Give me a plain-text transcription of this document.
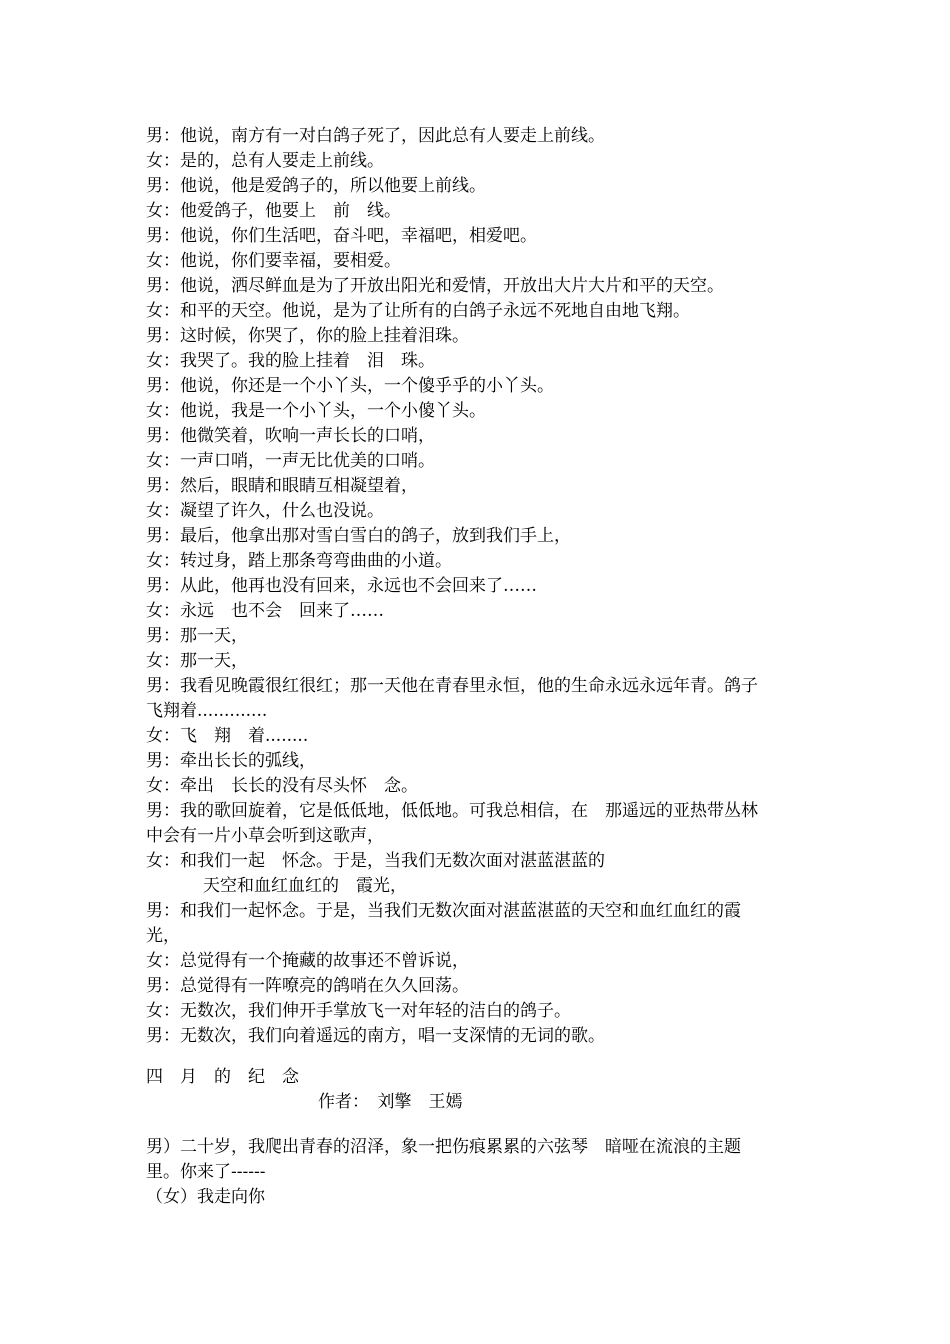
男：他说，南方有一对白鸽子死了，因此总有人要走上前线。
女：是的，总有人要走上前线。
男：他说，他是爱鸽子的，所以他要上前线。
女：他爱鸽子，他要上　前　线。
男：他说，你们生活吧，奋斗吧，幸福吧，相爱吧。
女：他说，你们要幸福，要相爱。
男：他说，洒尽鲜血是为了开放出阳光和爱情，开放出大片大片和平的天空。
女：和平的天空。他说，是为了让所有的白鸽子永远不死地自由地飞翔。
男：这时候，你哭了，你的脸上挂着泪珠。
女：我哭了。我的脸上挂着　泪　珠。
男：他说，你还是一个小丫头，一个傻乎乎的小丫头。
女：他说，我是一个小丫头，一个小傻丫头。
男：他微笑着，吹响一声长长的口哨，
女：一声口哨，一声无比优美的口哨。
男：然后，眼睛和眼睛互相凝望着，
女：凝望了许久，什么也没说。
男：最后，他拿出那对雪白雪白的鸽子，放到我们手上，
女：转过身，踏上那条弯弯曲曲的小道。
男：从此，他再也没有回来，永远也不会回来了……
女：永远　也不会　回来了……
男：那一天，
女：那一天，
男：我看见晚霞很红很红；那一天他在青春里永恒，他的生命永远永远年青。鸽子
飞翔着.............
女：飞　翔　着........
男：牵出长长的弧线，
女：牵出　长长的没有尽头怀　念。
男：我的歌回旋着，它是低低地，低低地。可我总相信，在　那遥远的亚热带丛林
中会有一片小草会听到这歌声，
女：和我们一起　怀念。于是，当我们无数次面对湛蓝湛蓝的
天空和血红血红的　霞光，
男：和我们一起怀念。于是，当我们无数次面对湛蓝湛蓝的天空和血红血红的霞
光，
女：总觉得有一个掩藏的故事还不曾诉说，
男：总觉得有一阵嘹亮的鸽哨在久久回荡。
女：无数次，我们伸开手掌放飞一对年轻的洁白的鸽子。
男：无数次，我们向着遥远的南方，唱一支深情的无词的歌。
四　月　的　纪　念
作者：　刘擎　王嫣
男）二十岁，我爬出青春的沼泽，象一把伤痕累累的六弦琴　暗哑在流浪的主题
里。你来了------
（女）我走向你
